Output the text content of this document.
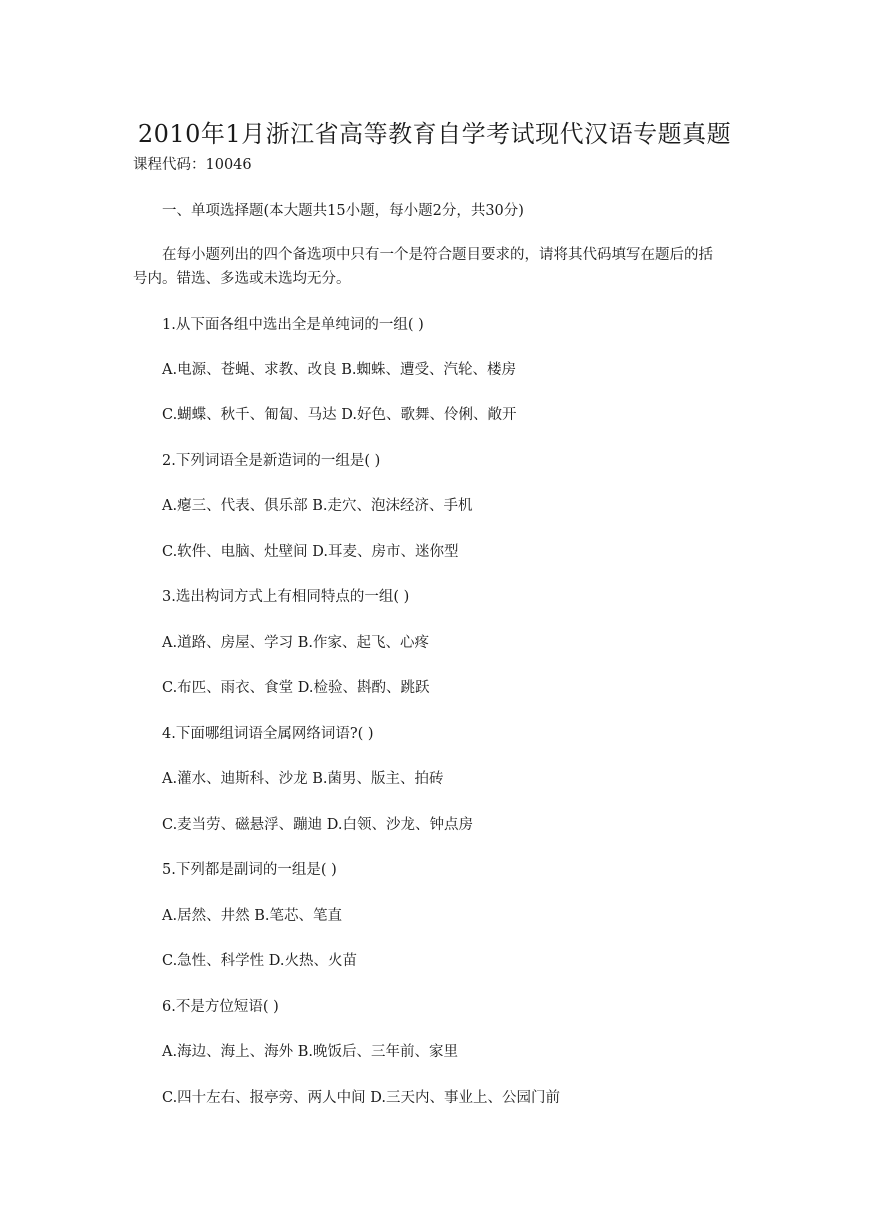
2010年1月浙江省高等教育自学考试现代汉语专题真题
课程代码：10046
一、单项选择题(本大题共15小题，每小题2分，共30分)
在每小题列出的四个备选项中只有一个是符合题目要求的，请将其代码填写在题后的括
号内。错选、多选或未选均无分。
1.从下面各组中选出全是单纯词的一组( )
A.电源、苍蝇、求教、改良 B.蜘蛛、遭受、汽轮、楼房
C.蝴蝶、秋千、匍匐、马达 D.好色、歌舞、伶俐、敞开
2.下列词语全是新造词的一组是( )
A.瘪三、代表、俱乐部 B.走穴、泡沫经济、手机
C.软件、电脑、灶壁间 D.耳麦、房市、迷你型
3.选出构词方式上有相同特点的一组( )
A.道路、房屋、学习 B.作家、起飞、心疼
C.布匹、雨衣、食堂 D.检验、斟酌、跳跃
4.下面哪组词语全属网络词语?( )
A.灌水、迪斯科、沙龙 B.菌男、版主、拍砖
C.麦当劳、磁悬浮、蹦迪 D.白领、沙龙、钟点房
5.下列都是副词的一组是( )
A.居然、井然 B.笔芯、笔直
C.急性、科学性 D.火热、火苗
6.不是方位短语( )
A.海边、海上、海外 B.晚饭后、三年前、家里
C.四十左右、报亭旁、两人中间 D.三天内、事业上、公园门前
